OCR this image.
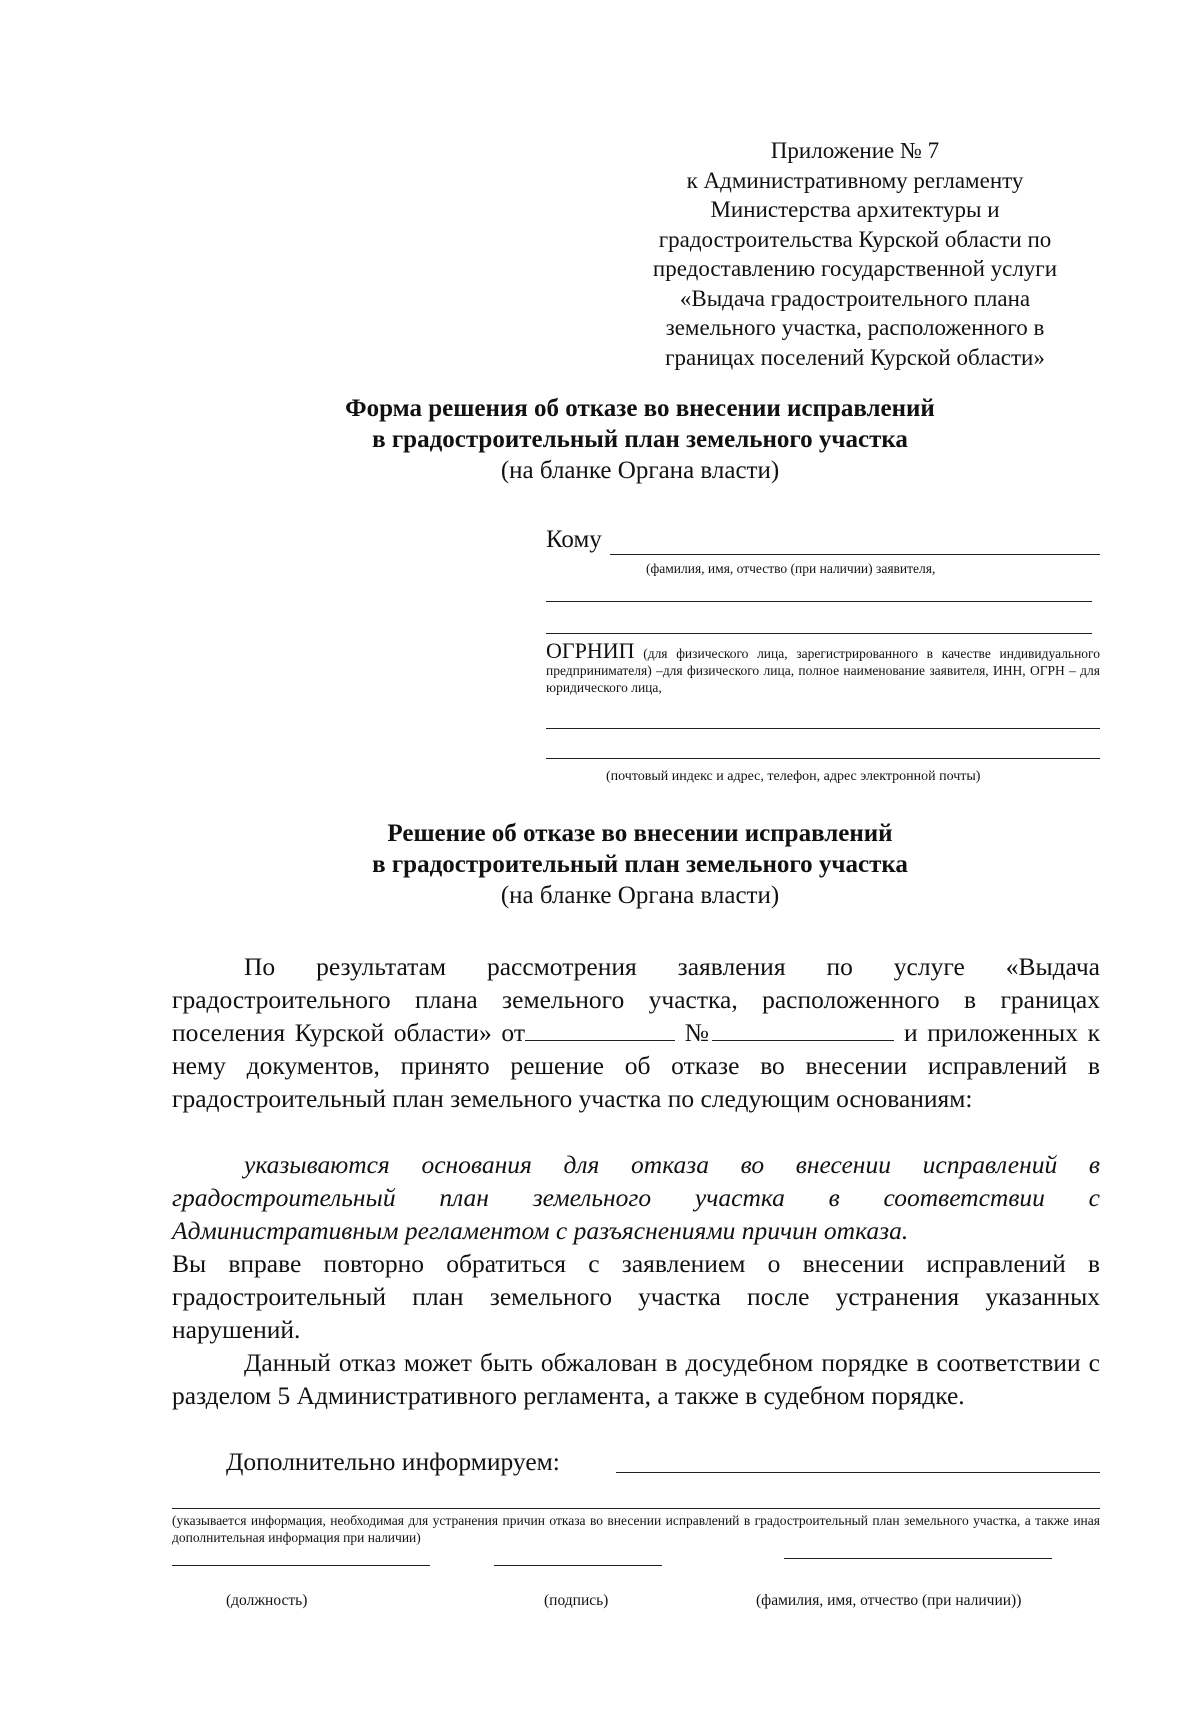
Приложение № 7
к Административному регламенту
Министерства архитектуры и
градостроительства Курской области по
предоставлению государственной услуги
«Выдача градостроительного плана
земельного участка, расположенного в
границах поселений Курской области»
Форма решения об отказе во внесении исправлений
в градостроительный план земельного участка
(на бланке Органа власти)
Кому
(фамилия, имя, отчество (при наличии) заявителя,
ОГРНИП (для физического лица, зарегистрированного в качестве индивидуального предпринимателя) –для физического лица, полное наименование заявителя, ИНН, ОГРН – для юридического лица,
(почтовый индекс и адрес, телефон, адрес электронной почты)
Решение об отказе во внесении исправлений
в градостроительный план земельного участка
(на бланке Органа власти)

По результатам рассмотрения заявления по услуге «Выдача градостроительного плана земельного участка, расположенного в границах поселения Курской области» от	№	и приложенных к нему документов, принято решение об отказе во внесении исправлений в градостроительный план земельного участка по следующим основаниям:

указываются основания для отказа во внесении исправлений в градостроительный план земельного участка в соответствии с Административным регламентом с разъяснениями причин отказа.

Вы вправе повторно обратиться с заявлением о внесении исправлений в градостроительный план земельного участка после устранения указанных нарушений.

Данный отказ может быть обжалован в досудебном порядке в соответствии с разделом 5 Административного регламента, а также в судебном порядке.

Дополнительно информируем:
(указывается информация, необходимая для устранения причин отказа во внесении исправлений в градостроительный план земельного участка, а также иная дополнительная информация при наличии)
(должность)	(подпись)	(фамилия, имя, отчество (при наличии))
